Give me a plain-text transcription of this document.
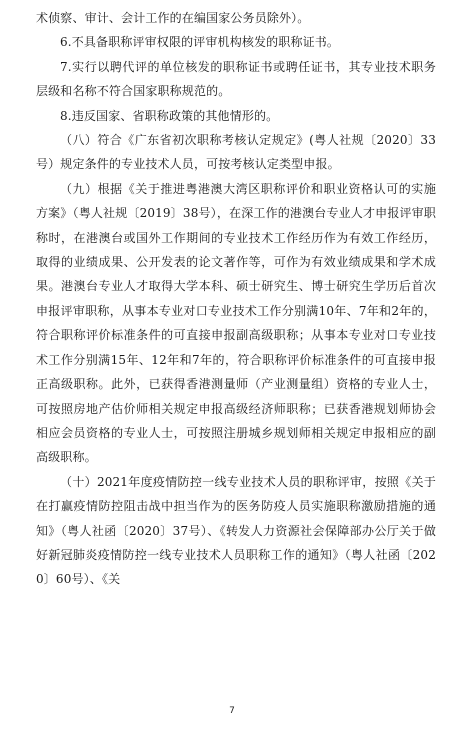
术侦察、审计、会计工作的在编国家公务员除外）。

6.不具备职称评审权限的评审机构核发的职称证书。

7.实行以聘代评的单位核发的职称证书或聘任证书，其专业技术职务层级和名称不符合国家职称规范的。

8.违反国家、省职称政策的其他情形的。

（八）符合《广东省初次职称考核认定规定》(粤人社规〔2020〕33号）规定条件的专业技术人员，可按考核认定类型申报。

（九）根据《关于推进粤港澳大湾区职称评价和职业资格认可的实施方案》（粤人社规〔2019〕38号），在深工作的港澳台专业人才申报评审职称时，在港澳台或国外工作期间的专业技术工作经历作为有效工作经历，取得的业绩成果、公开发表的论文著作等，可作为有效业绩成果和学术成果。港澳台专业人才取得大学本科、硕士研究生、博士研究生学历后首次申报评审职称，从事本专业对口专业技术工作分别满10年、7年和2年的，符合职称评价标准条件的可直接申报副高级职称；从事本专业对口专业技术工作分别满15年、12年和7年的，符合职称评价标准条件的可直接申报正高级职称。此外，已获得香港测量师（产业测量组）资格的专业人士，可按照房地产估价师相关规定申报高级经济师职称；已获香港规划师协会相应会员资格的专业人士，可按照注册城乡规划师相关规定申报相应的副高级职称。

（十）2021年度疫情防控一线专业技术人员的职称评审，按照《关于在打赢疫情防控阻击战中担当作为的医务防疫人员实施职称激励措施的通知》（粤人社函〔2020〕37号）、《转发人力资源社会保障部办公厅关于做好新冠肺炎疫情防控一线专业技术人员职称工作的通知》（粤人社函〔2020〕60号）、《关

7
